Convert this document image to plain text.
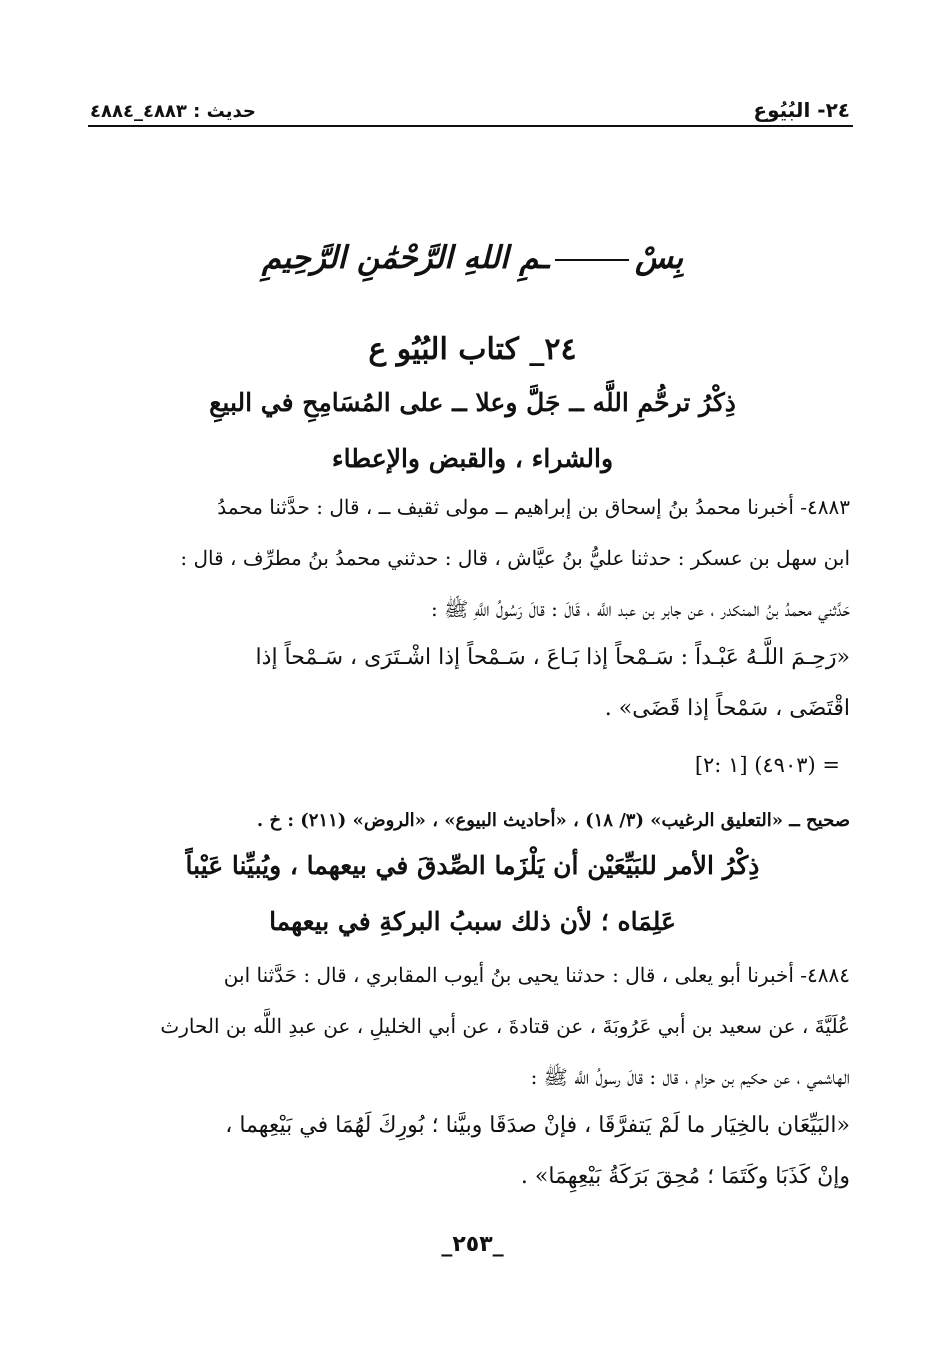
٢٤- البُيُوع
حديث : ٤٨٨٣_٤٨٨٤
بِسْـمِ اللهِ الرَّحْمَٰنِ الرَّحِيمِ
٢٤_ كتاب البُيُو ع
ذِكْرُ ترحُّمِ اللَّه ــ جَلَّ وعلا ــ على المُسَامِحِ في البيعِ
والشراء ، والقبض والإعطاء
٤٨٨٣- أخبرنا محمدُ بنُ إسحاق بن إبراهيم ــ مولى ثقيف ــ ، قال : حدَّثنا محمدُ
ابن سهل بن عسكر : حدثنا عليُّ بنُ عيَّاش ، قال : حدثني محمدُ بنُ مطرِّف ، قال :
حَدَّثني محمدُ بنُ المنكدر ، عن جابر بن عبد اللَّه ، قَالَ : قالَ رَسُولُ اللَّهِ ﷺ :
«رَحِـمَ اللَّـهُ عَبْـداً : سَـمْحاً إذا بَـاعَ ، سَـمْحاً إذا اشْـتَرَى ، سَـمْحاً إذا
اقْتَضَى ، سَمْحاً إذا قَضَى» .
= (٤٩٠٣) [١ :٢]
صحيح ــ «التعليق الرغيب» (٣/ ١٨) ، «أحاديث البيوع» ، «الروض» (٢١١) : خ .
ذِكْرُ الأمر للبَيِّعَيْن أن يَلْزَما الصِّدقَ في بيعهما ، ويُبيِّنا عَيْباً
عَلِمَاه ؛ لأن ذلك سببُ البركةِ في بيعهما
٤٨٨٤- أخبرنا أبو يعلى ، قال : حدثنا يحيى بنُ أيوب المقابري ، قال : حَدَّثنا ابن
عُلَيَّةَ ، عن سعيد بن أبي عَرُوبَةَ ، عن قتادةَ ، عن أبي الخليلِ ، عن عبدِ اللَّه بن الحارث
الهاشمي ، عن حكيم بن حزام ، قال : قالَ رسولُ اللَّه ﷺ :
«البَيِّعَان بالخِيَار ما لَمْ يَتفرَّقَا ، فإنْ صدَقَا وبيَّنا ؛ بُورِكَ لَهُمَا في بَيْعِهما ،
وإنْ كَذَبَا وكَتَمَا ؛ مُحِقَ بَرَكَةُ بَيْعِهِمَا» .
_٢٥٣_
